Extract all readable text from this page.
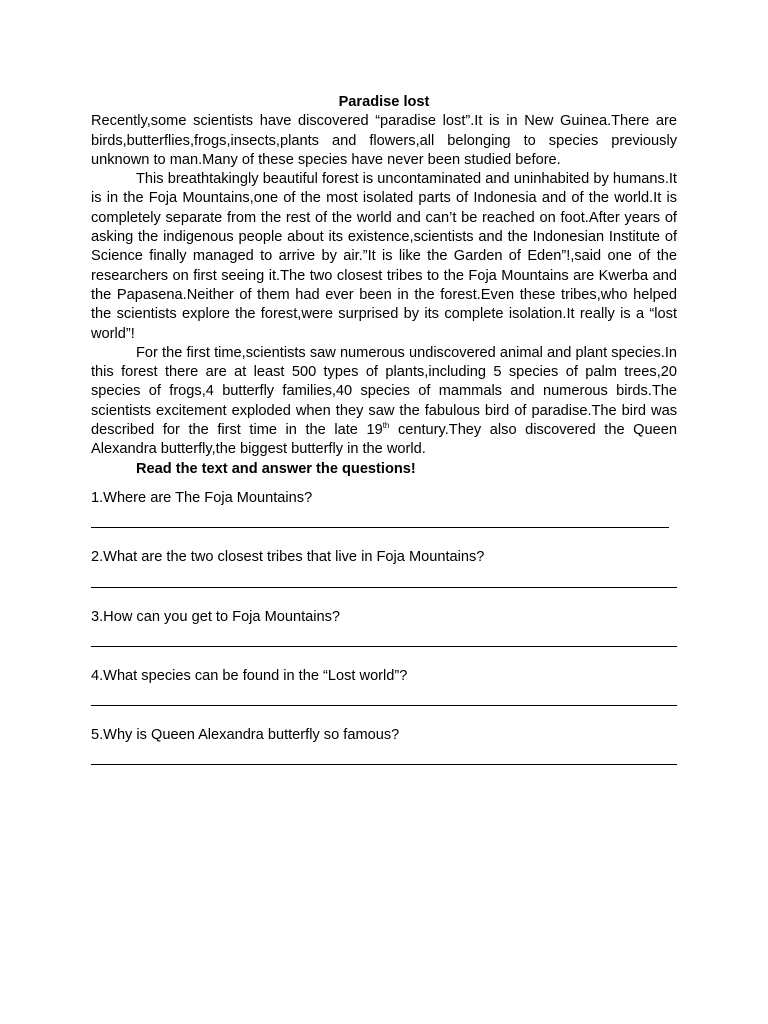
Paradise lost

Recently,some scientists have discovered “paradise lost”.It is in New Guinea.There are birds,butterflies,frogs,insects,plants and flowers,all belonging to species previously unknown to man.Many of these species have never been studied before.

This breathtakingly beautiful forest is uncontaminated and uninhabited by humans.It is in the Foja Mountains,one of the most isolated parts of Indonesia and of the world.It is completely separate from the rest of the world and can’t be reached on foot.After years of asking the indigenous people about its existence,scientists and the Indonesian Institute of Science finally managed to arrive by air.”It is like the Garden of Eden”!,said one of the researchers on first seeing it.The two closest tribes to the Foja Mountains are Kwerba and the Papasena.Neither of them had ever been in the forest.Even these tribes,who helped the scientists explore the forest,were surprised by its complete isolation.It really is a “lost world”!

For the first time,scientists saw numerous undiscovered animal and plant species.In this forest there are at least 500 types of plants,including 5 species of palm trees,20 species of frogs,4 butterfly families,40 species of mammals and numerous birds.The scientists excitement exploded when they saw the fabulous bird of paradise.The bird was described for the first time in the late 19th century.They also discovered the Queen Alexandra butterfly,the biggest butterfly in the world.

Read the text and answer the questions!

1.Where are The Foja Mountains?

2.What are the two closest tribes that live in Foja Mountains?

3.How can you get to Foja Mountains?

4.What species can be found in the “Lost world”?

5.Why is Queen Alexandra butterfly so famous?
